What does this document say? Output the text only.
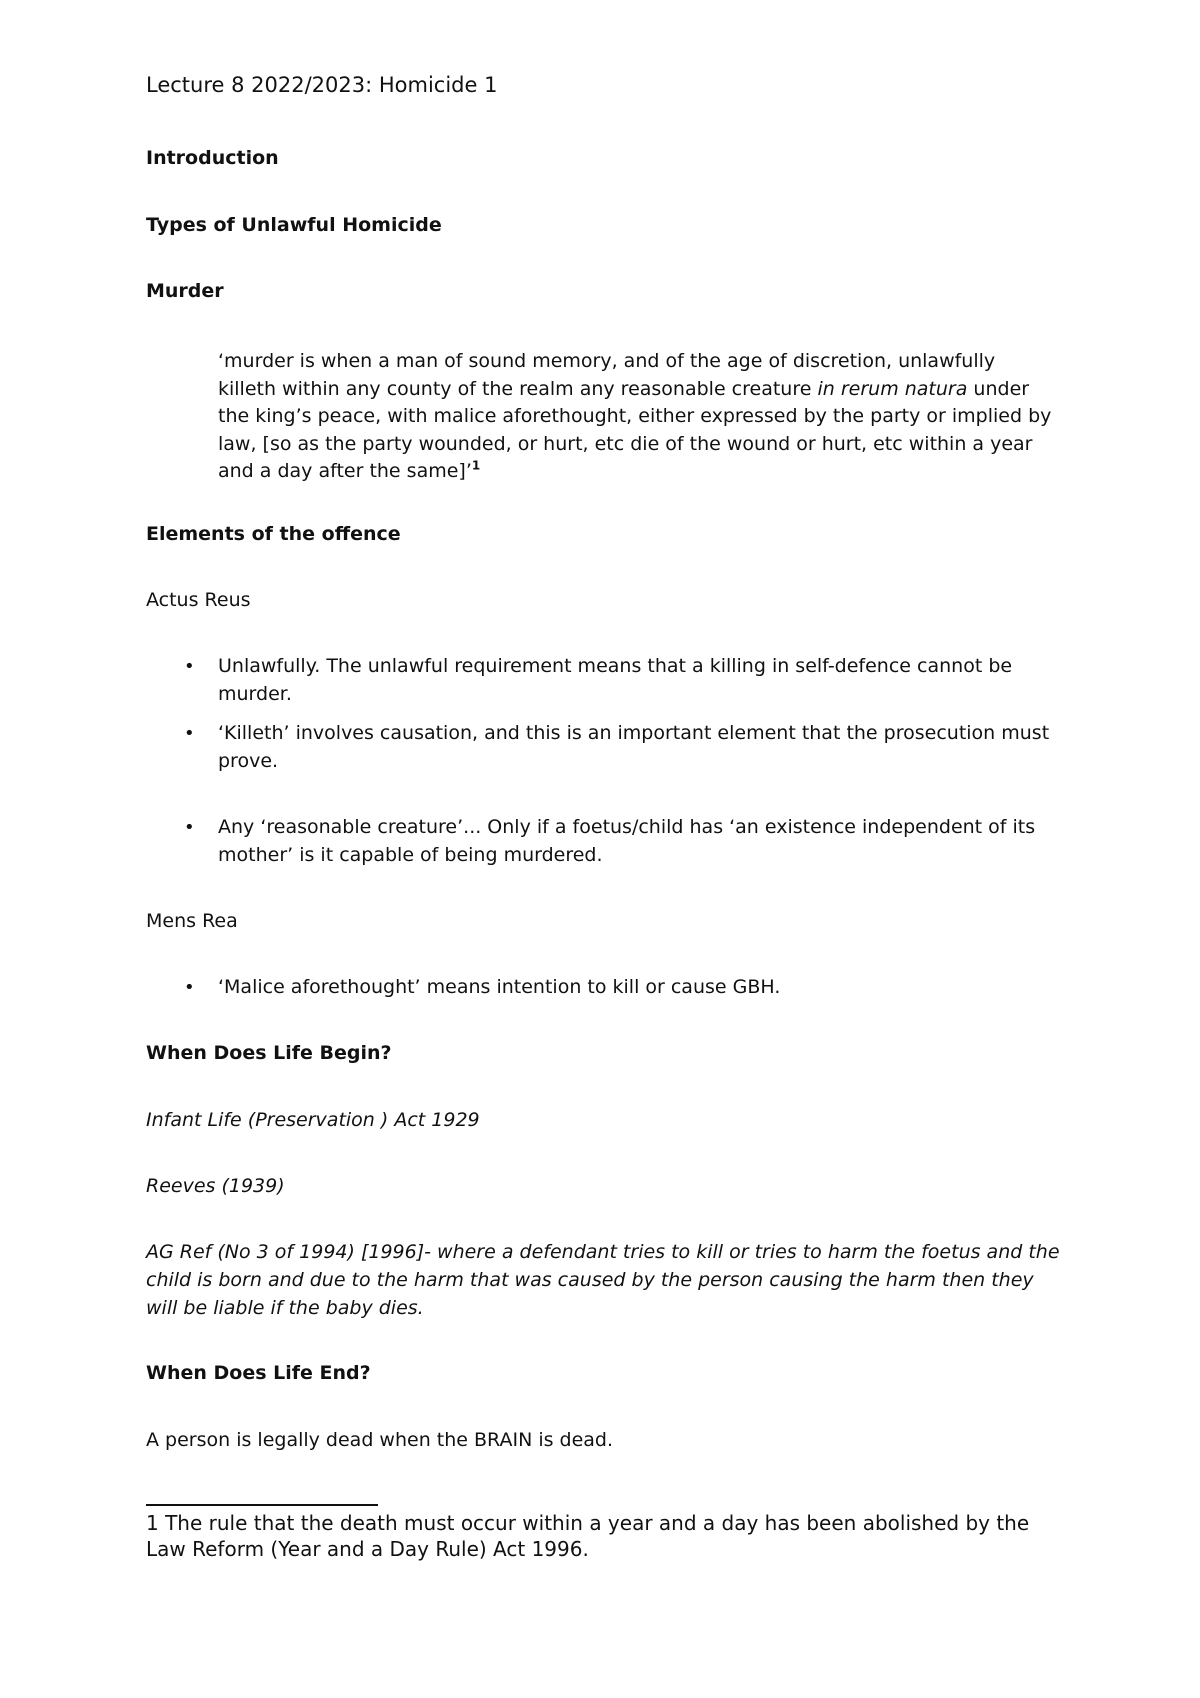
Lecture 8 2022/2023: Homicide 1
Introduction
Types of Unlawful Homicide
Murder
‘murder is when a man of sound memory, and of the age of discretion, unlawfully killeth within any county of the realm any reasonable creature in rerum natura under the king’s peace, with malice aforethought, either expressed by the party or implied by law, [so as the party wounded, or hurt, etc die of the wound or hurt, etc within a year and a day after the same]’$^1$
Elements of the offence
Actus Reus
• Unlawfully. The unlawful requirement means that a killing in self-defence cannot be murder.
• ‘Killeth’ involves causation, and this is an important element that the prosecution must prove.
• Any ‘reasonable creature’... Only if a foetus/child has ‘an existence independent of its mother’ is it capable of being murdered.
Mens Rea
• ‘Malice aforethought’ means intention to kill or cause GBH.
When Does Life Begin?
Infant Life (Preservation ) Act 1929
Reeves (1939)
AG Ref (No 3 of 1994) [1996]- where a defendant tries to kill or tries to harm the foetus and the child is born and due to the harm that was caused by the person causing the harm then they will be liable if the baby dies.
When Does Life End?
A person is legally dead when the BRAIN is dead.
1 The rule that the death must occur within a year and a day has been abolished by the Law Reform (Year and a Day Rule) Act 1996.
